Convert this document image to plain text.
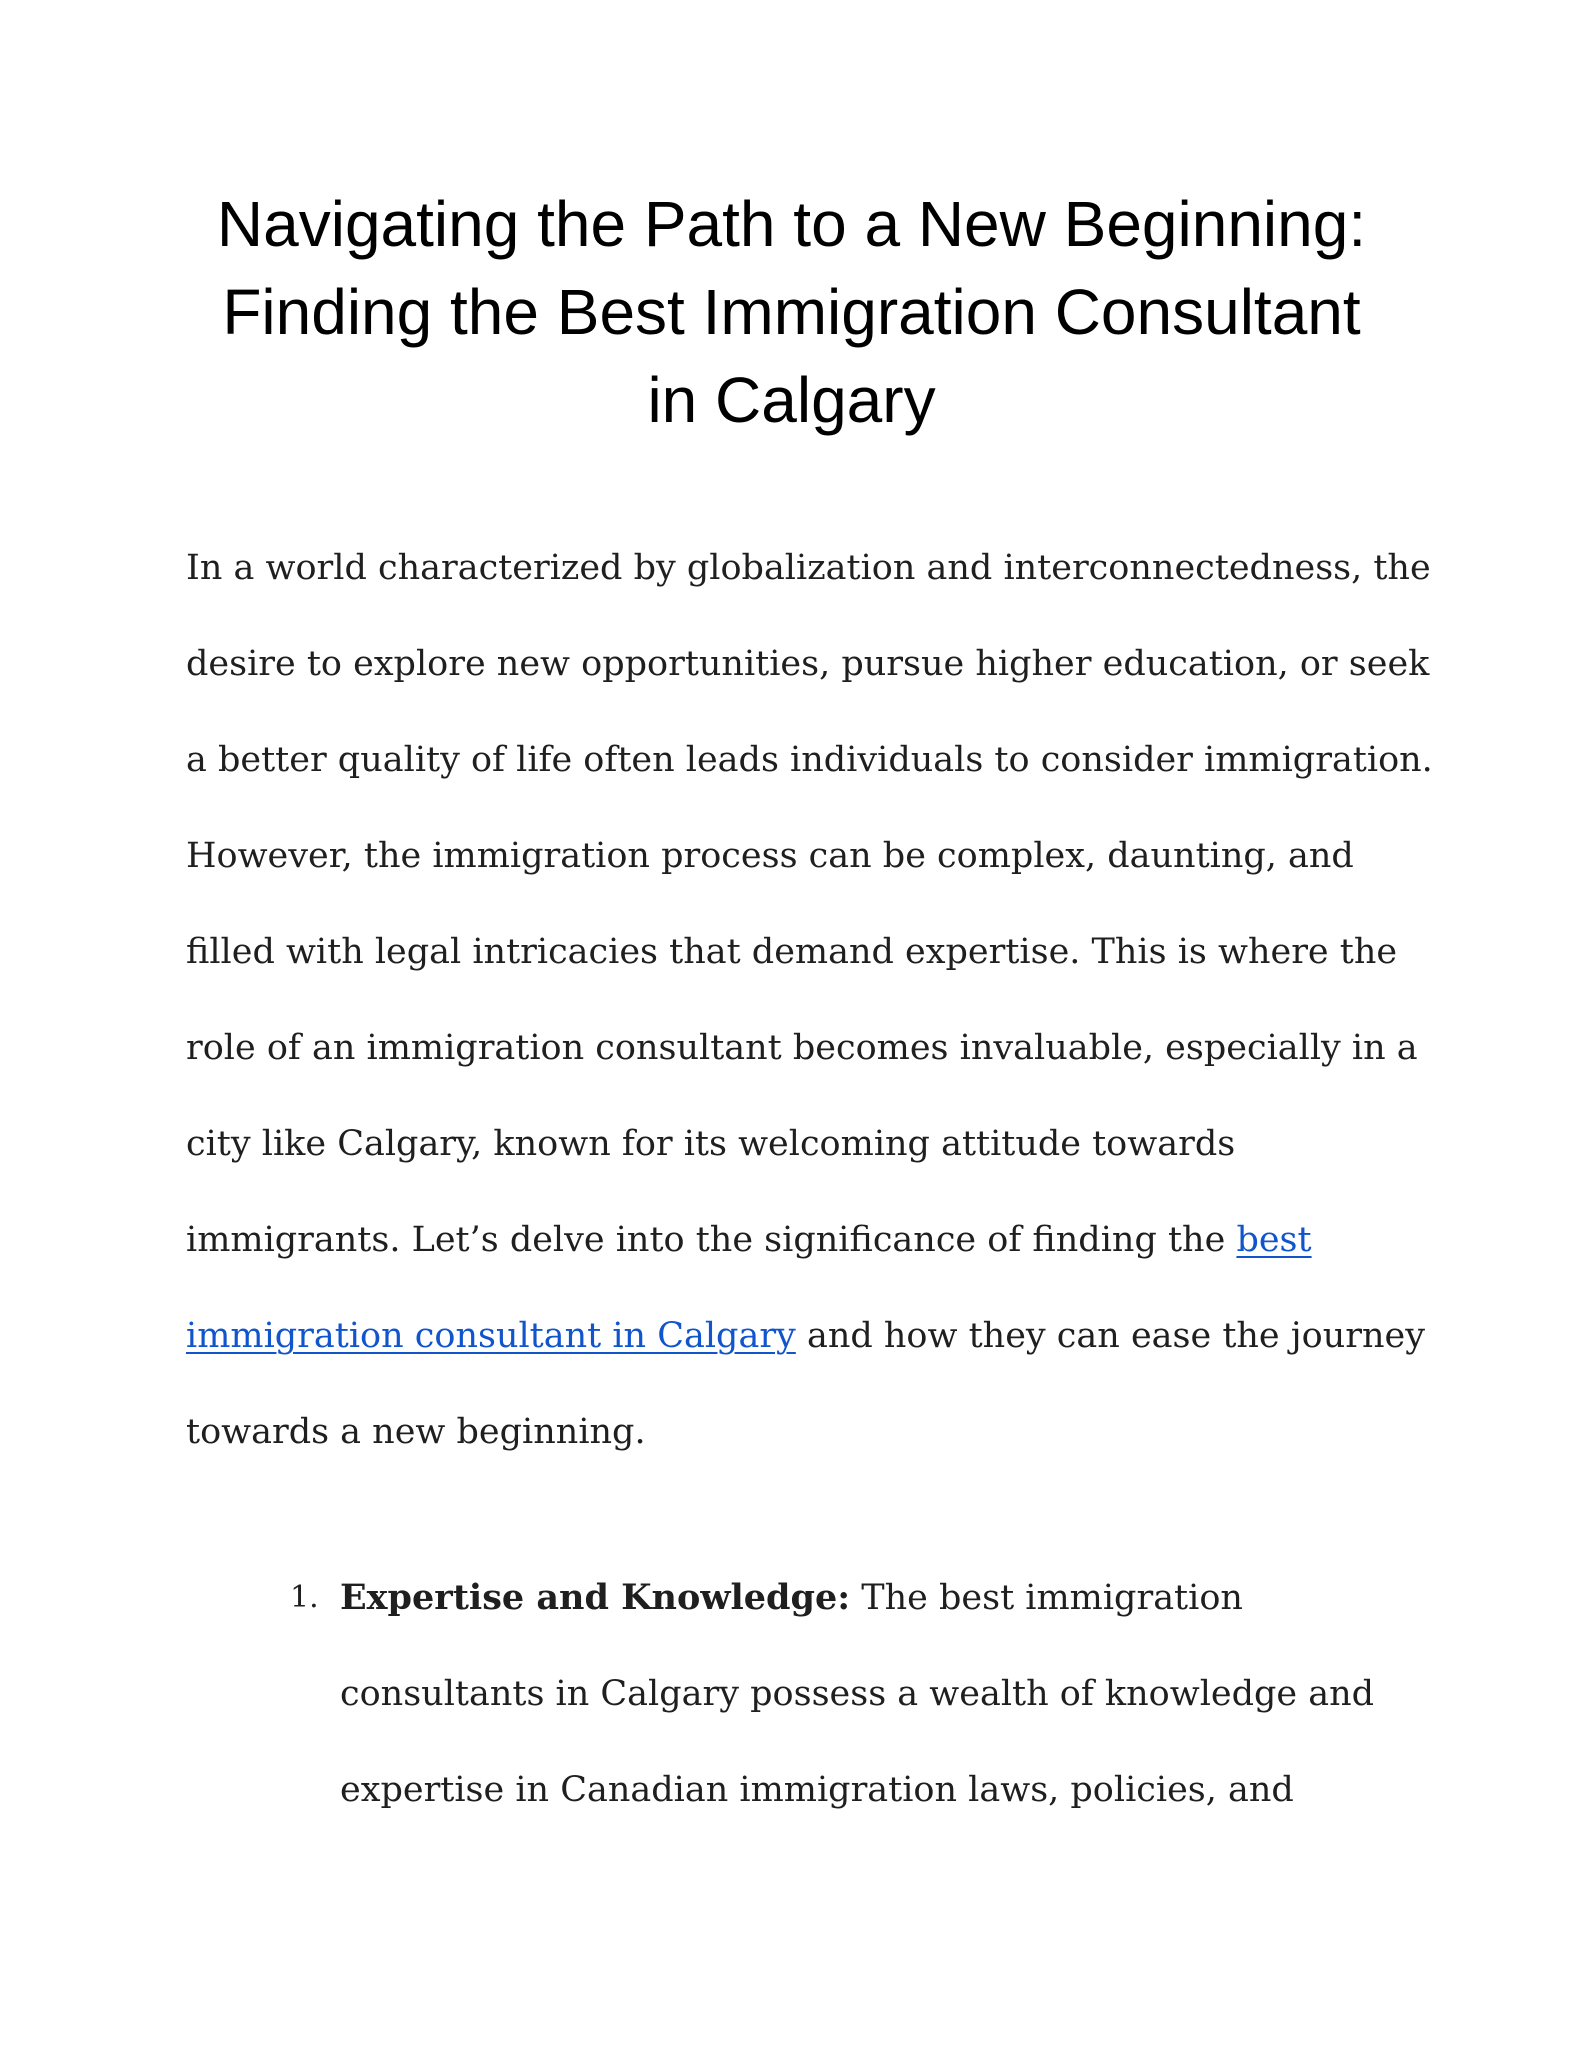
Navigating the Path to a New Beginning:
Finding the Best Immigration Consultant
in Calgary

In a world characterized by globalization and interconnectedness, the
desire to explore new opportunities, pursue higher education, or seek
a better quality of life often leads individuals to consider immigration.
However, the immigration process can be complex, daunting, and
filled with legal intricacies that demand expertise. This is where the
role of an immigration consultant becomes invaluable, especially in a
city like Calgary, known for its welcoming attitude towards
immigrants. Let’s delve into the significance of finding the best
immigration consultant in Calgary and how they can ease the journey
towards a new beginning.

1. Expertise and Knowledge: The best immigration
consultants in Calgary possess a wealth of knowledge and
expertise in Canadian immigration laws, policies, and
